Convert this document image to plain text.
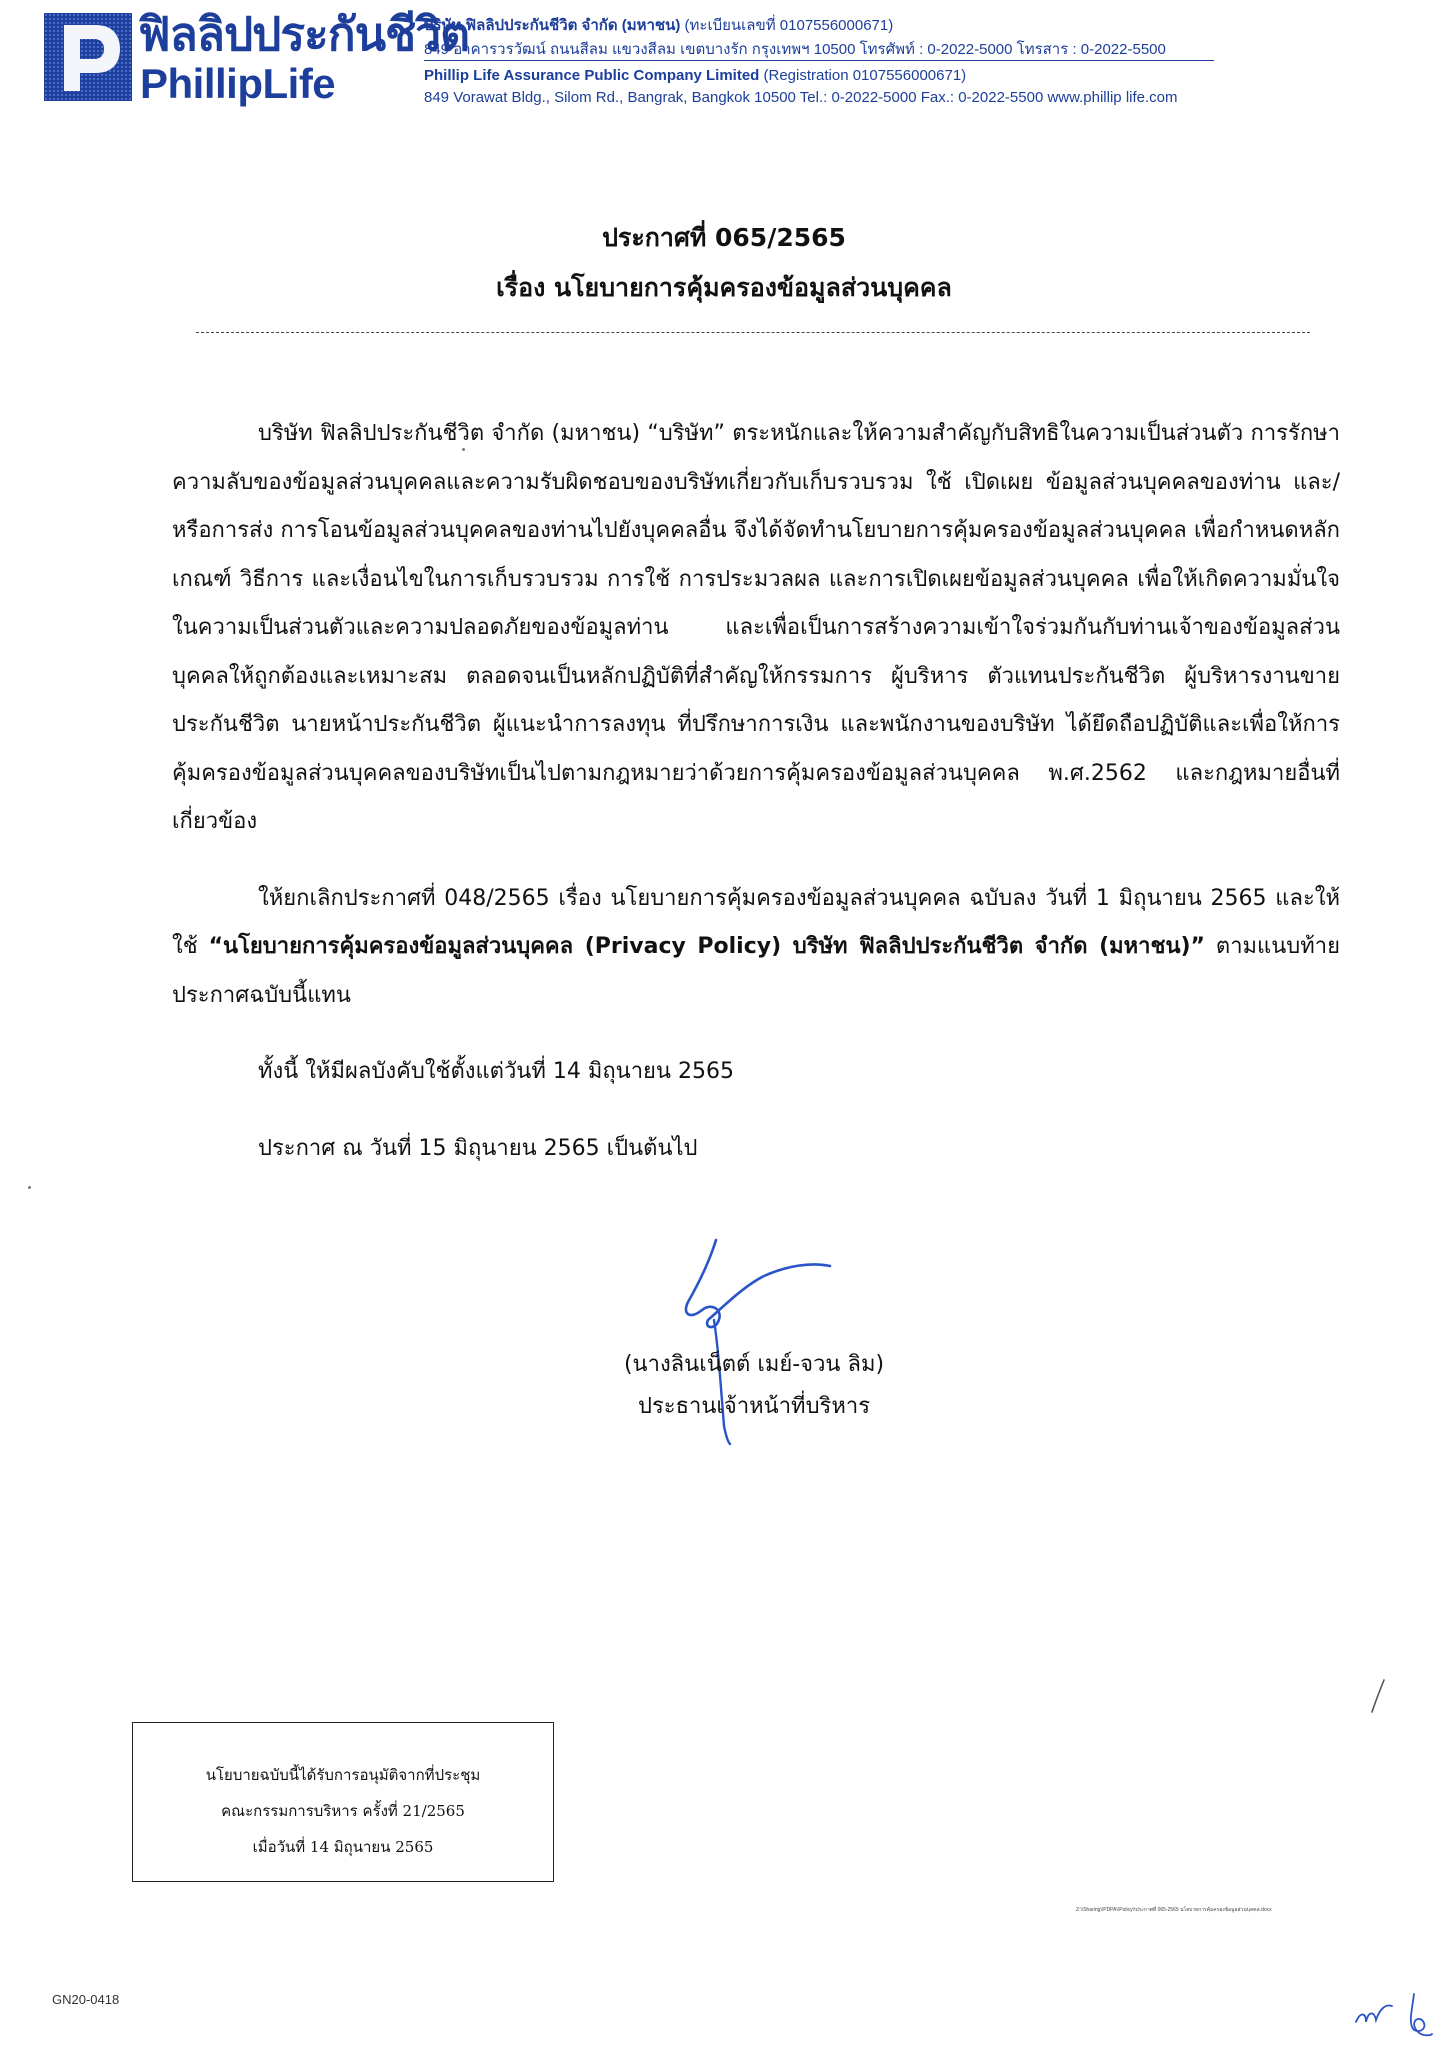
ฟิลลิปประกันชีวิต
PhillipLife
บริษัท ฟิลลิปประกันชีวิต จำกัด (มหาชน) (ทะเบียนเลขที่ 0107556000671)
849 อาคารวรวัฒน์ ถนนสีลม แขวงสีลม เขตบางรัก กรุงเทพฯ 10500 โทรศัพท์ : 0-2022-5000 โทรสาร : 0-2022-5500
Phillip Life Assurance Public Company Limited (Registration 0107556000671)
849 Vorawat Bldg., Silom Rd., Bangrak, Bangkok 10500 Tel.: 0-2022-5000 Fax.: 0-2022-5500 www.phillip life.com
ประกาศที่ 065/2565
เรื่อง นโยบายการคุ้มครองข้อมูลส่วนบุคคล

บริษัท ฟิลลิปประกันชีวิต จำกัด (มหาชน) “บริษัท” ตระหนักและให้ความสำคัญกับสิทธิในความเป็นส่วนตัว การรักษาความลับของข้อมูลส่วนบุคคลและความรับผิดชอบของบริษัทเกี่ยวกับเก็บรวบรวม ใช้ เปิดเผย ข้อมูลส่วนบุคคลของท่าน และ/หรือการส่ง การโอนข้อมูลส่วนบุคคลของท่านไปยังบุคคลอื่น จึงได้จัดทำนโยบายการคุ้มครองข้อมูลส่วนบุคคล เพื่อกำหนดหลักเกณฑ์ วิธีการ และเงื่อนไขในการเก็บรวบรวม การใช้ การประมวลผล และการเปิดเผยข้อมูลส่วนบุคคล เพื่อให้เกิดความมั่นใจในความเป็นส่วนตัวและความปลอดภัยของข้อมูลท่าน และเพื่อเป็นการสร้างความเข้าใจร่วมกันกับท่านเจ้าของข้อมูลส่วนบุคคลให้ถูกต้องและเหมาะสม ตลอดจนเป็นหลักปฏิบัติที่สำคัญให้กรรมการ ผู้บริหาร ตัวแทนประกันชีวิต ผู้บริหารงานขายประกันชีวิต นายหน้าประกันชีวิต ผู้แนะนำการลงทุน ที่ปรึกษาการเงิน และพนักงานของบริษัท ได้ยึดถือปฏิบัติและเพื่อให้การคุ้มครองข้อมูลส่วนบุคคลของบริษัทเป็นไปตามกฎหมายว่าด้วยการคุ้มครองข้อมูลส่วนบุคคล พ.ศ.2562 และกฎหมายอื่นที่เกี่ยวข้อง

ให้ยกเลิกประกาศที่ 048/2565 เรื่อง นโยบายการคุ้มครองข้อมูลส่วนบุคคล ฉบับลง วันที่ 1 มิถุนายน 2565 และให้ใช้ “นโยบายการคุ้มครองข้อมูลส่วนบุคคล (Privacy Policy) บริษัท ฟิลลิปประกันชีวิต จำกัด (มหาชน)” ตามแนบท้ายประกาศฉบับนี้แทน

ทั้งนี้ ให้มีผลบังคับใช้ตั้งแต่วันที่ 14 มิถุนายน 2565

ประกาศ ณ วันที่ 15 มิถุนายน 2565 เป็นต้นไป

(นางลินเน็ตต์ เมย์-จวน ลิม)
ประธานเจ้าหน้าที่บริหาร
นโยบายฉบับนี้ได้รับการอนุมัติจากที่ประชุม
คณะกรรมการบริหาร ครั้งที่ 21/2565
เมื่อวันที่ 14 มิถุนายน 2565
Z:\\Sharing\\PDPA\\Policy\\ประกาศที่ 065-2565 นโยบายการคุ้มครองข้อมูลส่วนบุคคล.docx
GN20-0418
